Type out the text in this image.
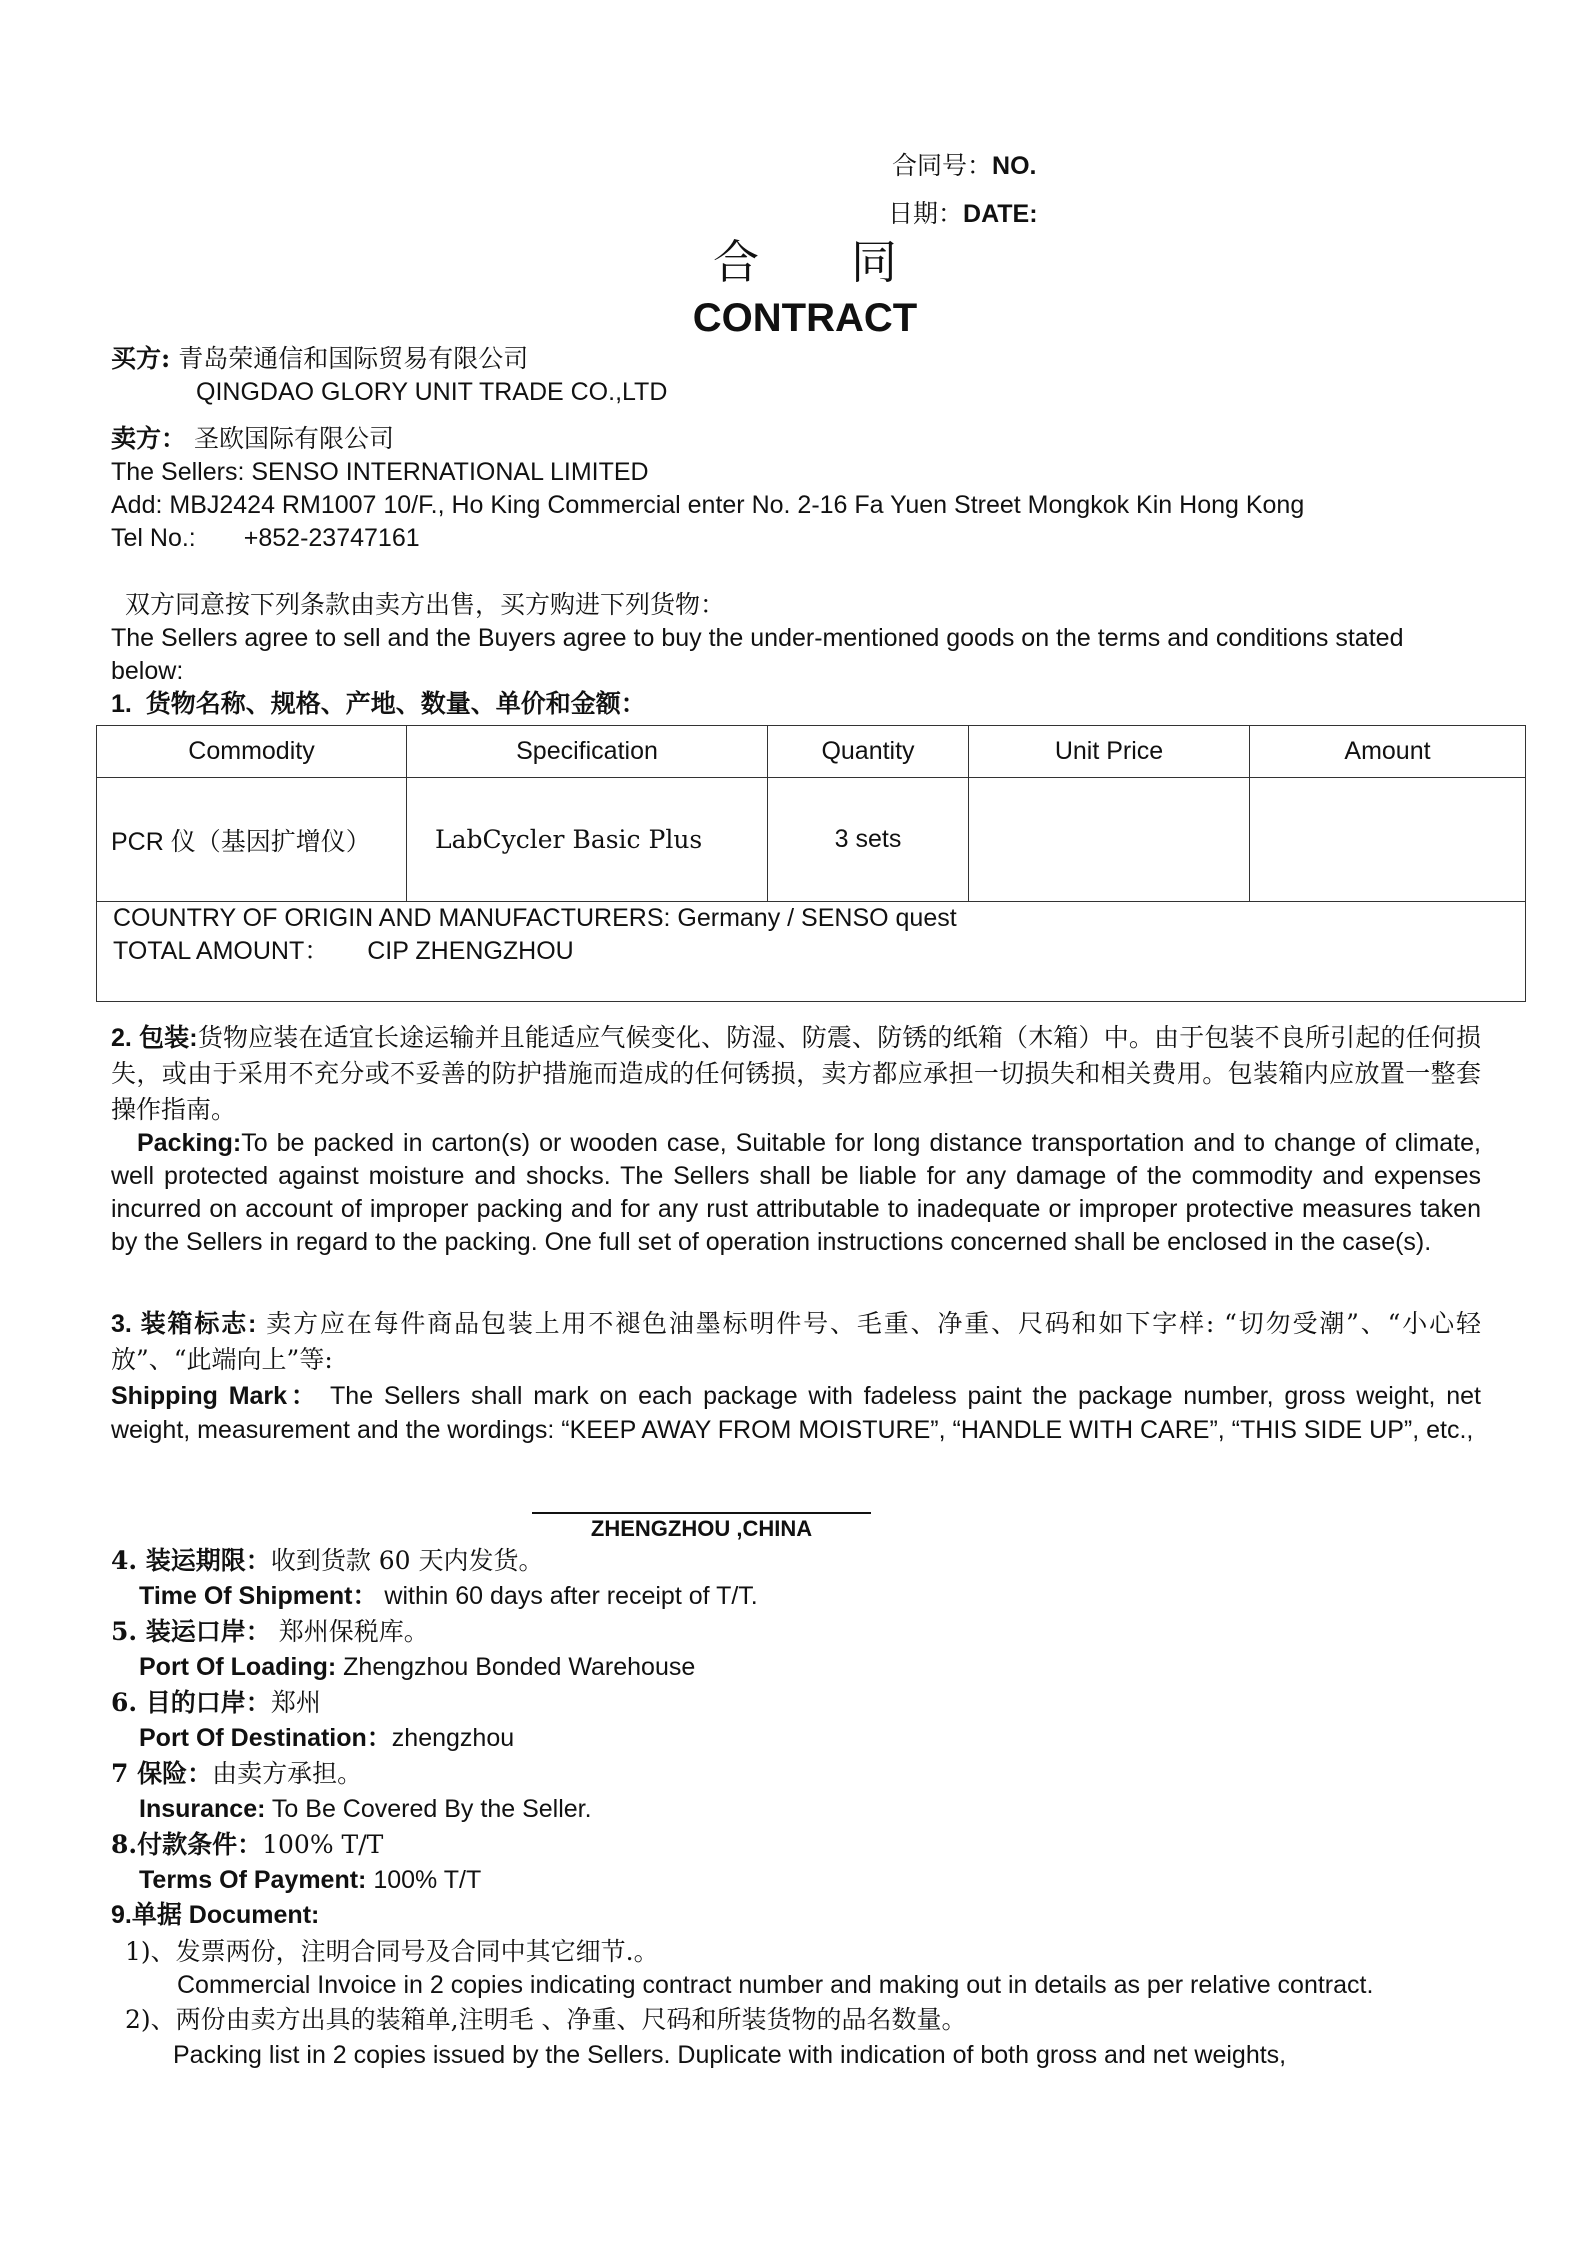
合同号：NO.
日期：DATE:
合　　同
CONTRACT
买方: 青岛荣通信和国际贸易有限公司
QINGDAO GLORY UNIT TRADE CO.,LTD
卖方： 圣欧国际有限公司
The Sellers: SENSO INTERNATIONAL LIMITED
Add: MBJ2424 RM1007 10/F., Ho King Commercial enter No. 2-16 Fa Yuen Street Mongkok Kin Hong Kong
Tel No.: +852-23747161
双方同意按下列条款由卖方出售，买方购进下列货物：
The Sellers agree to sell and the Buyers agree to buy the under-mentioned goods on the terms and conditions stated below:
1. 货物名称、规格、产地、数量、单价和金额：
Commodity	Specification	Quantity	Unit Price	Amount
PCR 仪（基因扩增仪）	LabCycler Basic Plus	3 sets		

COUNTRY OF ORIGIN AND MANUFACTURERS: Germany / SENSO quest
TOTAL AMOUNT： CIP ZHENGZHOU				
2. 包装:货物应装在适宜长途运输并且能适应气候变化、防湿、防震、防锈的纸箱（木箱）中。由于包装不良所引起的任何损失，或由于采用不充分或不妥善的防护措施而造成的任何锈损，卖方都应承担一切损失和相关费用。包装箱内应放置一整套操作指南。
Packing:To be packed in carton(s) or wooden case, Suitable for long distance transportation and to change of climate, well protected against moisture and shocks. The Sellers shall be liable for any damage of the commodity and expenses incurred on account of improper packing and for any rust attributable to inadequate or improper protective measures taken by the Sellers in regard to the packing. One full set of operation instructions concerned shall be enclosed in the case(s).
3. 装箱标志: 卖方应在每件商品包装上用不褪色油墨标明件号、毛重、净重、尺码和如下字样: “切勿受潮”、“小心轻放”、“此端向上”等:
Shipping Mark： The Sellers shall mark on each package with fadeless paint the package number, gross weight, net weight, measurement and the wordings: “KEEP AWAY FROM MOISTURE”, “HANDLE WITH CARE”, “THIS SIDE UP”, etc.,
ZHENGZHOU ,CHINA
4. 装运期限：收到货款 60 天内发货。
Time Of Shipment： within 60 days after receipt of T/T.
5. 装运口岸： 郑州保税库。
Port Of Loading: Zhengzhou Bonded Warehouse
6. 目的口岸：郑州
Port Of Destination：zhengzhou
7 保险：由卖方承担。
Insurance: To Be Covered By the Seller.
8.付款条件：100% T/T
Terms Of Payment: 100% T/T
9.单据 Document:
1)、发票两份，注明合同号及合同中其它细节.。
Commercial Invoice in 2 copies indicating contract number and making out in details as per relative contract.
2)、两份由卖方出具的装箱单,注明毛 、净重、尺码和所装货物的品名数量。
Packing list in 2 copies issued by the Sellers. Duplicate with indication of both gross and net weights,
